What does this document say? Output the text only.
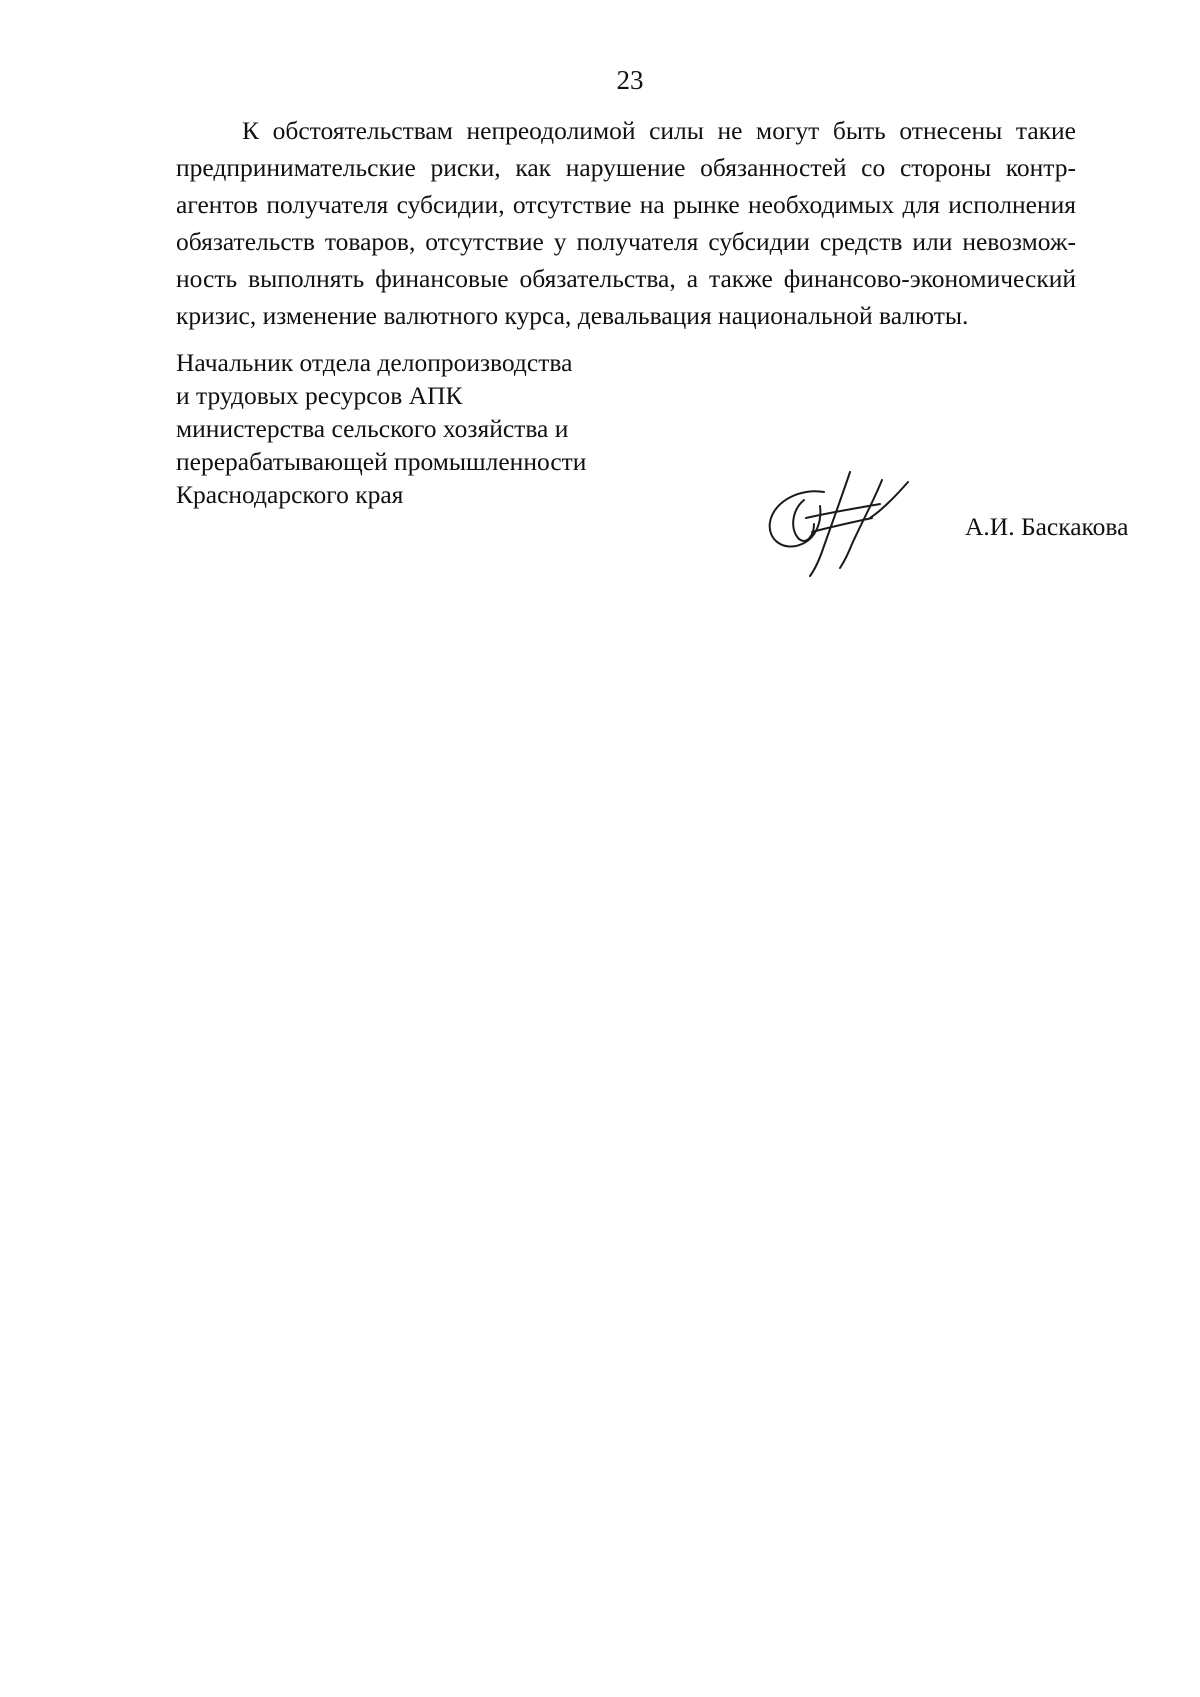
23
К обстоятельствам непреодолимой силы не могут быть отнесены такие
предпринимательские риски, как нарушение обязанностей со стороны контр-
агентов получателя субсидии, отсутствие на рынке необходимых для исполнения
обязательств товаров, отсутствие у получателя субсидии средств или невозмож-
ность выполнять финансовые обязательства, а также финансово-экономический
кризис, изменение валютного курса, девальвация национальной валюты.
Начальник отдела делопроизводства
и трудовых ресурсов АПК
министерства сельского хозяйства и
перерабатывающей промышленности
Краснодарского края
А.И. Баскакова
